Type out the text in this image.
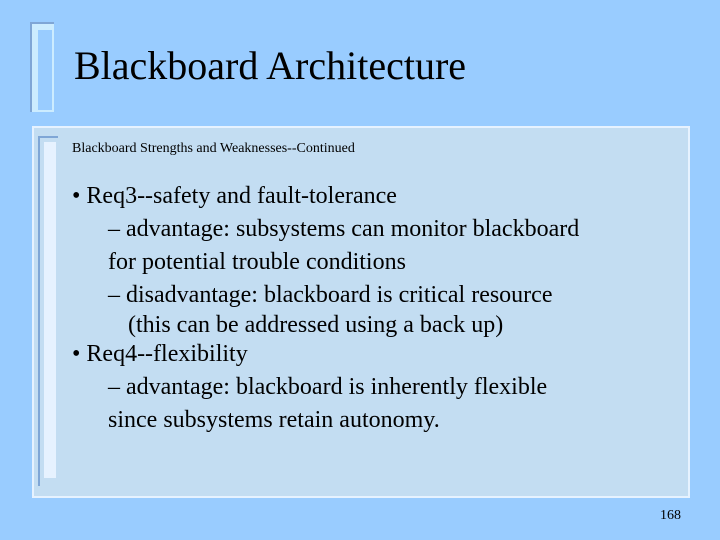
Blackboard Architecture
Blackboard Strengths and Weaknesses--Continued
• Req3--safety and fault-tolerance
– advantage: subsystems can monitor blackboard
for potential trouble conditions
– disadvantage: blackboard is critical resource
(this can be addressed using a back up)
• Req4--flexibility
– advantage: blackboard is inherently flexible
since subsystems retain autonomy.
168
